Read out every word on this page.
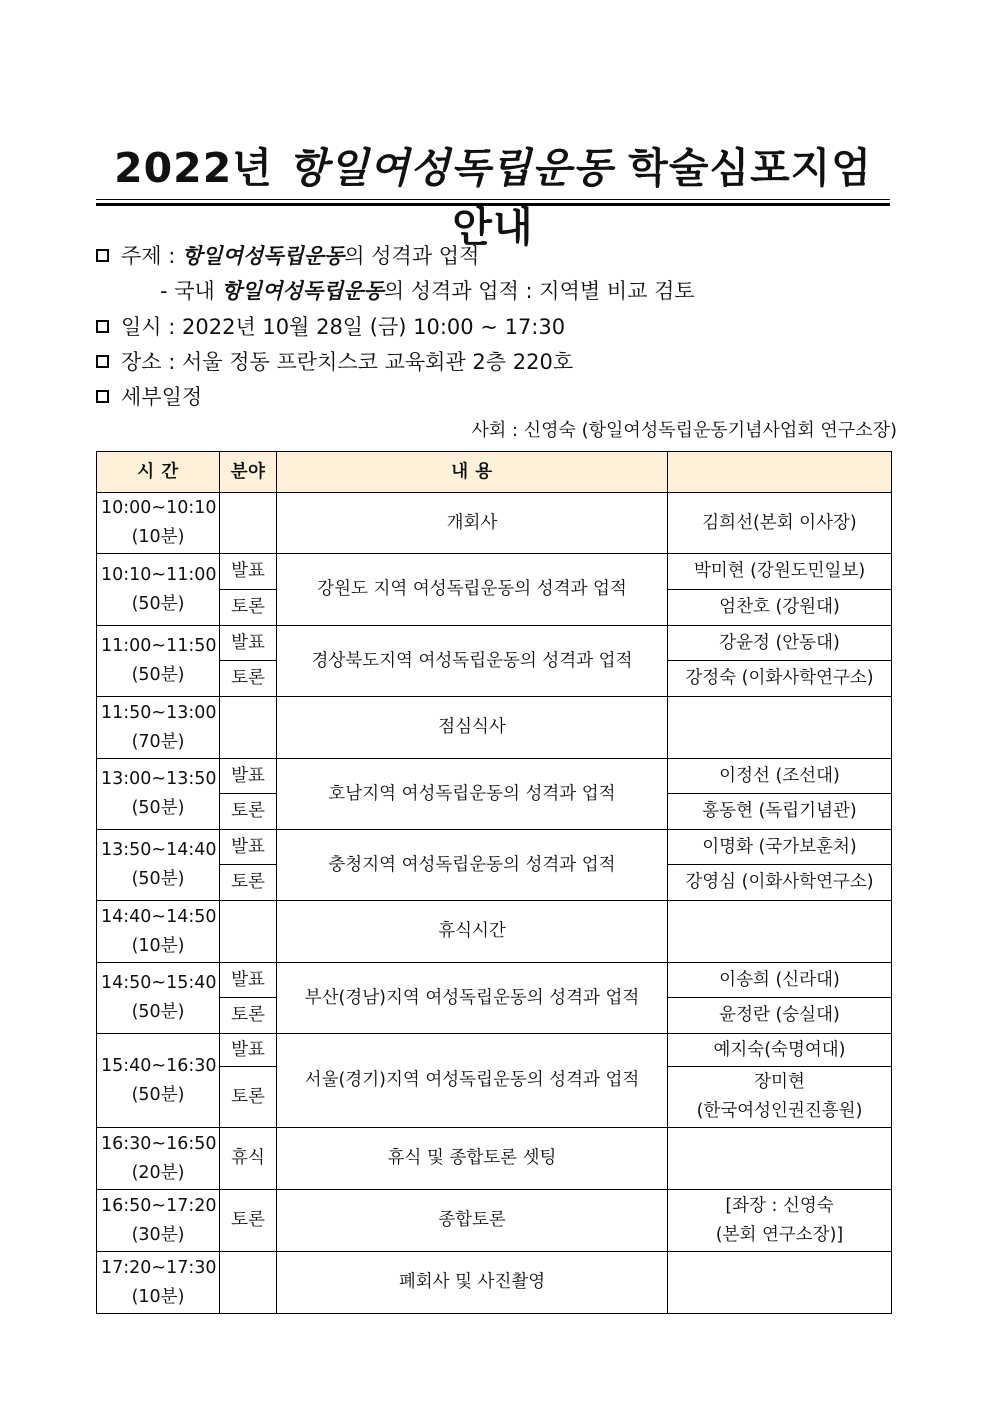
2022년 항일여성독립운동 학술심포지엄 안내
주제 : 항일여성독립운동의 성격과 업적
- 국내 항일여성독립운동의 성격과 업적 : 지역별 비교 검토
일시 : 2022년 10월 28일 (금) 10:00 ~ 17:30
장소 : 서울 정동 프란치스코 교육회관 2층 220호
세부일정
사회 : 신영숙 (항일여성독립운동기념사업회 연구소장)
시 간	분야	내 용	

10:00~10:10
(10분)		개회사	김희선(본회 이사장)

10:10~11:00
(50분)	발표	강원도 지역 여성독립운동의 성격과 업적	박미현 (강원도민일보)
	토론		엄찬호 (강원대)

11:00~11:50
(50분)	발표	경상북도지역 여성독립운동의 성격과 업적	강윤정 (안동대)
	토론		강정숙 (이화사학연구소)

11:50~13:00
(70분)		점심식사	

13:00~13:50
(50분)	발표	호남지역 여성독립운동의 성격과 업적	이정선 (조선대)
	토론		홍동현 (독립기념관)

13:50~14:40
(50분)	발표	충청지역 여성독립운동의 성격과 업적	이명화 (국가보훈처)
	토론		강영심 (이화사학연구소)

14:40~14:50
(10분)		휴식시간	

14:50~15:40
(50분)	발표	부산(경남)지역 여성독립운동의 성격과 업적	이송희 (신라대)
	토론		윤정란 (숭실대)

15:40~16:30
(50분)	발표	서울(경기)지역 여성독립운동의 성격과 업적	예지숙(숙명여대)
	토론		장미현
(한국여성인권진흥원)

16:30~16:50
(20분)	휴식	휴식 및 종합토론 셋팅	

16:50~17:20
(30분)	토론	종합토론	[좌장 : 신영숙
(본회 연구소장)]

17:20~17:30
(10분)		폐회사 및 사진촬영	
